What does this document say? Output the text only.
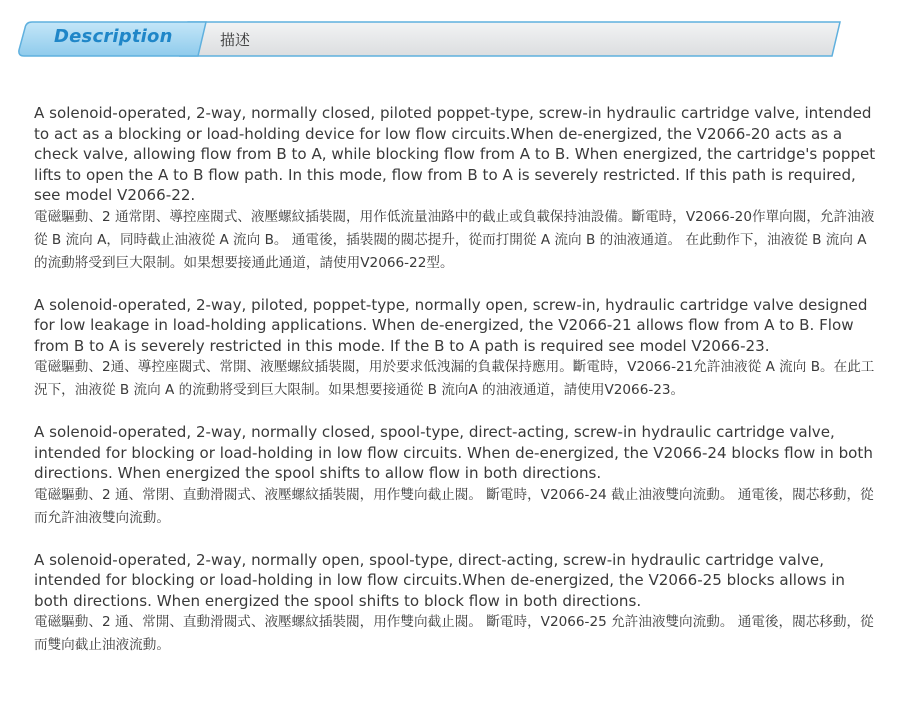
Description	描述

A solenoid-operated, 2-way, normally closed, piloted poppet-type, screw-in hydraulic cartridge valve, intended to act as a blocking or load-holding device for low flow circuits.When de-energized, the V2066-20 acts as a check valve, allowing flow from B to A, while blocking flow from A to B. When energized, the cartridge's poppet lifts to open the A to B flow path. In this mode, flow from B to A is severely restricted. If this path is required, see model V2066-22.

電磁驅動、2 通常閉、導控座閥式、液壓螺紋插裝閥，用作低流量油路中的截止或負載保持油設備。斷電時，V2066-20作單向閥，允許油液從 B 流向 A，同時截止油液從 A 流向 B。 通電後，插裝閥的閥芯提升，從而打開從 A 流向 B 的油液通道。 在此動作下，油液從 B 流向 A 的流動將受到巨大限制。如果想要接通此通道，請使用V2066-22型。

A solenoid-operated, 2-way, piloted, poppet-type, normally open, screw-in, hydraulic cartridge valve designed for low leakage in load-holding applications. When de-energized, the V2066-21 allows flow from A to B. Flow from B to A is severely restricted in this mode. If the B to A path is required see model V2066-23.

電磁驅動、2通、導控座閥式、常開、液壓螺紋插裝閥，用於要求低洩漏的負載保持應用。斷電時，V2066-21允許油液從 A 流向 B。在此工況下，油液從 B 流向 A 的流動將受到巨大限制。如果想要接通從 B 流向A 的油液通道，請使用V2066-23。

A solenoid-operated, 2-way, normally closed, spool-type, direct-acting, screw-in hydraulic cartridge valve, intended for blocking or load-holding in low flow circuits. When de-energized, the V2066-24 blocks flow in both directions. When energized the spool shifts to allow flow in both directions.

電磁驅動、2 通、常閉、直動滑閥式、液壓螺紋插裝閥，用作雙向截止閥。 斷電時，V2066-24 截止油液雙向流動。 通電後，閥芯移動，從而允許油液雙向流動。

A solenoid-operated, 2-way, normally open, spool-type, direct-acting, screw-in hydraulic cartridge valve, intended for blocking or load-holding in low flow circuits.When de-energized, the V2066-25 blocks allows in both directions. When energized the spool shifts to block flow in both directions.

電磁驅動、2 通、常開、直動滑閥式、液壓螺紋插裝閥，用作雙向截止閥。 斷電時，V2066-25 允許油液雙向流動。 通電後，閥芯移動，從而雙向截止油液流動。
